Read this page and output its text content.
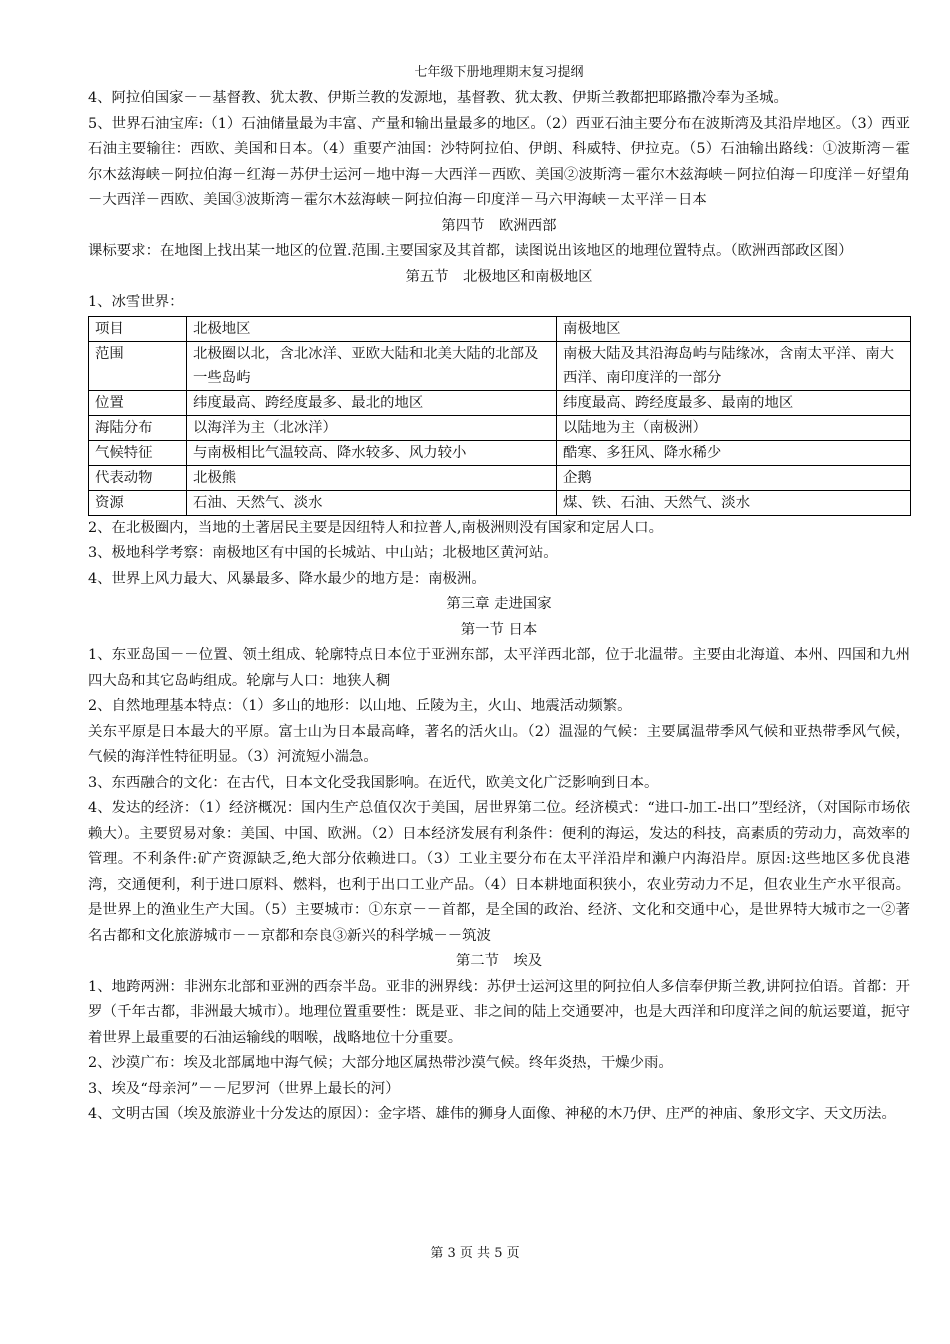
七年级下册地理期末复习提纲

4、阿拉伯国家－－基督教、犹太教、伊斯兰教的发源地，基督教、犹太教、伊斯兰教都把耶路撒冷奉为圣城。

5、世界石油宝库:（1）石油储量最为丰富、产量和输出量最多的地区。（2）西亚石油主要分布在波斯湾及其沿岸地区。（3）西亚石油主要输往：西欧、美国和日本。（4）重要产油国：沙特阿拉伯、伊朗、科威特、伊拉克。（5）石油输出路线：①波斯湾－霍尔木兹海峡－阿拉伯海－红海－苏伊士运河－地中海－大西洋－西欧、美国②波斯湾－霍尔木兹海峡－阿拉伯海－印度洋－好望角－大西洋－西欧、美国③波斯湾－霍尔木兹海峡－阿拉伯海－印度洋－马六甲海峡－太平洋－日本

第四节　欧洲西部

课标要求：在地图上找出某一地区的位置.范围.主要国家及其首都，读图说出该地区的地理位置特点。（欧洲西部政区图）

第五节　北极地区和南极地区

1、冰雪世界：

项目	北极地区	南极地区
范围	北极圈以北，含北冰洋、亚欧大陆和北美大陆的北部及一些岛屿	南极大陆及其沿海岛屿与陆缘冰，含南太平洋、南大西洋、南印度洋的一部分
位置	纬度最高、跨经度最多、最北的地区	纬度最高、跨经度最多、最南的地区
海陆分布	以海洋为主（北冰洋）	以陆地为主（南极洲）
气候特征	与南极相比气温较高、降水较多、风力较小	酷寒、多狂风、降水稀少
代表动物	北极熊	企鹅
资源	石油、天然气、淡水	煤、铁、石油、天然气、淡水

2、在北极圈内，当地的土著居民主要是因纽特人和拉普人,南极洲则没有国家和定居人口。

3、极地科学考察：南极地区有中国的长城站、中山站；北极地区黄河站。

4、世界上风力最大、风暴最多、降水最少的地方是：南极洲。

第三章 走进国家
第一节 日本

1、东亚岛国－－位置、领土组成、轮廓特点日本位于亚洲东部，太平洋西北部，位于北温带。主要由北海道、本州、四国和九州四大岛和其它岛屿组成。轮廓与人口：地狭人稠

2、自然地理基本特点：（1）多山的地形：以山地、丘陵为主，火山、地震活动频繁。

关东平原是日本最大的平原。富士山为日本最高峰，著名的活火山。（2）温湿的气候：主要属温带季风气候和亚热带季风气候，气候的海洋性特征明显。（3）河流短小湍急。

3、东西融合的文化：在古代，日本文化受我国影响。在近代，欧美文化广泛影响到日本。

4、发达的经济：（1）经济概况：国内生产总值仅次于美国，居世界第二位。经济模式：“进口-加工-出口”型经济，（对国际市场依赖大）。主要贸易对象：美国、中国、欧洲。（2）日本经济发展有利条件：便利的海运，发达的科技，高素质的劳动力，高效率的管理。不利条件:矿产资源缺乏,绝大部分依赖进口。（3）工业主要分布在太平洋沿岸和濑户内海沿岸。原因:这些地区多优良港湾，交通便利，利于进口原料、燃料，也利于出口工业产品。（4）日本耕地面积狭小，农业劳动力不足，但农业生产水平很高。是世界上的渔业生产大国。（5）主要城市：①东京－－首都，是全国的政治、经济、文化和交通中心，是世界特大城市之一②著名古都和文化旅游城市－－京都和奈良③新兴的科学城－－筑波

第二节　埃及

1、地跨两洲：非洲东北部和亚洲的西奈半岛。亚非的洲界线：苏伊士运河这里的阿拉伯人多信奉伊斯兰教,讲阿拉伯语。首都：开罗（千年古都，非洲最大城市）。地理位置重要性：既是亚、非之间的陆上交通要冲，也是大西洋和印度洋之间的航运要道，扼守着世界上最重要的石油运输线的咽喉，战略地位十分重要。

2、沙漠广布：埃及北部属地中海气候；大部分地区属热带沙漠气候。终年炎热，干燥少雨。

3、埃及“母亲河”－－尼罗河（世界上最长的河）

4、文明古国（埃及旅游业十分发达的原因）：金字塔、雄伟的狮身人面像、神秘的木乃伊、庄严的神庙、象形文字、天文历法。

第 3 页 共 5 页
